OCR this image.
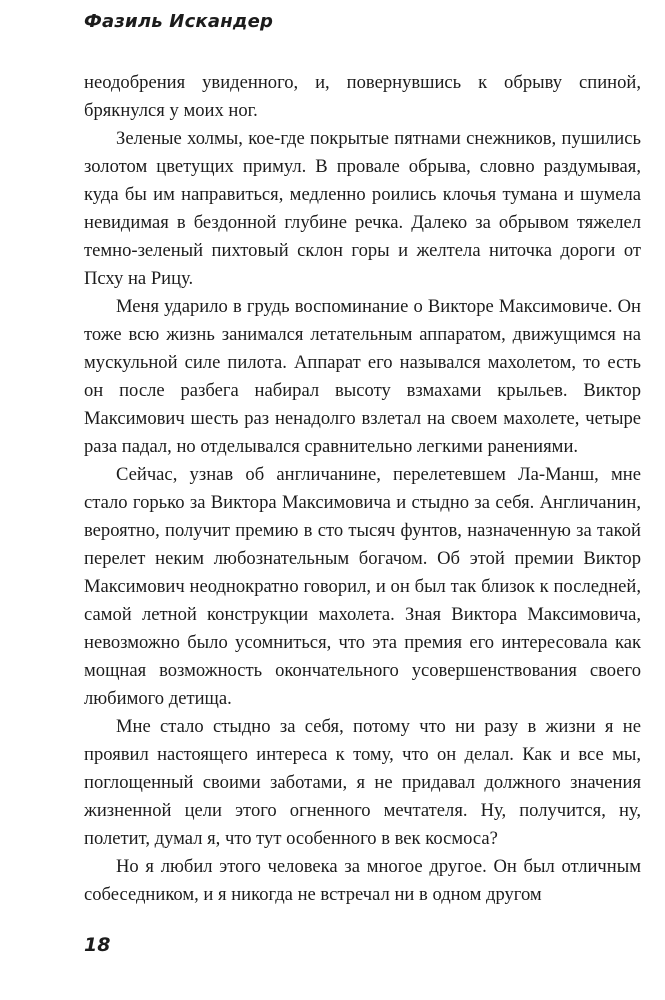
Фазиль Искандер

неодобрения увиденного, и, повернувшись к обрыву спиной, брякнулся у моих ног.

Зеленые холмы, кое-где покрытые пятнами снежников, пушились золотом цветущих примул. В провале обрыва, словно раздумывая, куда бы им направиться, медленно роились клочья тумана и шумела невидимая в бездонной глубине речка. Далеко за обрывом тяжелел темно-зеленый пихтовый склон горы и желтела ниточка дороги от Псху на Рицу.

Меня ударило в грудь воспоминание о Викторе Максимовиче. Он тоже всю жизнь занимался летательным аппаратом, движущимся на мускульной силе пилота. Аппарат его назывался махолетом, то есть он после разбега набирал высоту взмахами крыльев. Виктор Максимович шесть раз ненадолго взлетал на своем махолете, четыре раза падал, но отделывался сравнительно легкими ранениями.

Сейчас, узнав об англичанине, перелетевшем Ла-Манш, мне стало горько за Виктора Максимовича и стыдно за себя. Англичанин, вероятно, получит премию в сто тысяч фунтов, назначенную за такой перелет неким любознательным богачом. Об этой премии Виктор Максимович неоднократно говорил, и он был так близок к последней, самой летной конструкции махолета. Зная Виктора Максимовича, невозможно было усомниться, что эта премия его интересовала как мощная возможность окончательного усовершенствования своего любимого детища.

Мне стало стыдно за себя, потому что ни разу в жизни я не проявил настоящего интереса к тому, что он делал. Как и все мы, поглощенный своими заботами, я не придавал должного значения жизненной цели этого огненного мечтателя. Ну, получится, ну, полетит, думал я, что тут особенного в век космоса?

Но я любил этого человека за многое другое. Он был отличным собеседником, и я никогда не встречал ни в одном другом

18
